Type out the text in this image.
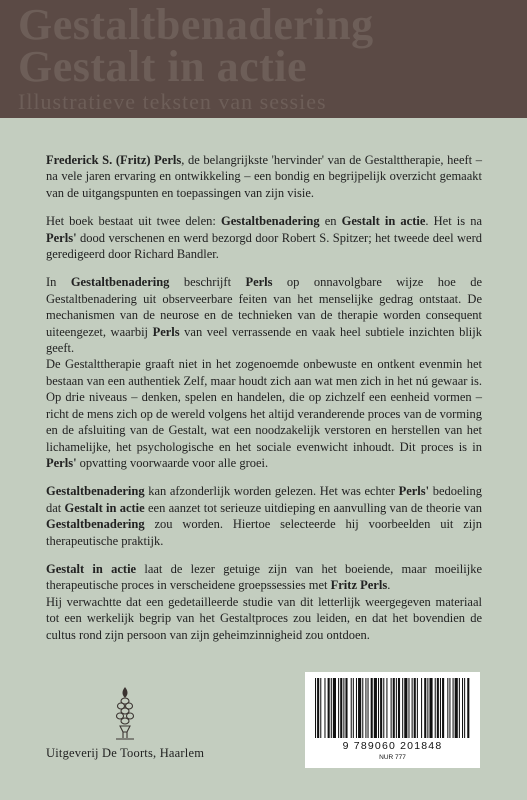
Gestaltbenadering
Gestalt in actie
Illustratieve teksten van sessies

Frederick S. (Fritz) Perls, de belangrijkste 'hervinder' van de Gestalttherapie, heeft – na vele jaren ervaring en ontwikkeling – een bondig en begrijpelijk overzicht gemaakt van de uitgangspunten en toepassingen van zijn visie.

Het boek bestaat uit twee delen: Gestaltbenadering en Gestalt in actie. Het is na Perls' dood verschenen en werd bezorgd door Robert S. Spitzer; het tweede deel werd geredigeerd door Richard Bandler.

In Gestaltbenadering beschrijft Perls op onnavolgbare wijze hoe de Gestaltbenadering uit observeerbare feiten van het menselijke gedrag ontstaat. De mechanismen van de neurose en de technieken van de therapie worden consequent uiteengezet, waarbij Perls van veel verrassende en vaak heel subtiele inzichten blijk geeft.

De Gestalttherapie graaft niet in het zogenoemde onbewuste en ontkent evenmin het bestaan van een authentiek Zelf, maar houdt zich aan wat men zich in het nú gewaar is. Op drie niveaus – denken, spelen en handelen, die op zichzelf een eenheid vormen – richt de mens zich op de wereld volgens het altijd veranderende proces van de vorming en de afsluiting van de Gestalt, wat een noodzakelijk verstoren en herstellen van het lichamelijke, het psychologische en het sociale evenwicht inhoudt. Dit proces is in Perls' opvatting voorwaarde voor alle groei.

Gestaltbenadering kan afzonderlijk worden gelezen. Het was echter Perls' bedoeling dat Gestalt in actie een aanzet tot serieuze uitdieping en aanvulling van de theorie van Gestaltbenadering zou worden. Hiertoe selecteerde hij voorbeelden uit zijn therapeutische praktijk.

Gestalt in actie laat de lezer getuige zijn van het boeiende, maar moeilijke therapeutische proces in verscheidene groepssessies met Fritz Perls.

Hij verwachtte dat een gedetailleerde studie van dit letterlijk weergegeven materiaal tot een werkelijk begrip van het Gestaltproces zou leiden, en dat het bovendien de cultus rond zijn persoon van zijn geheimzinnigheid zou ontdoen.

Uitgeverij De Toorts, Haarlem	9 789060 201848
NUR 777
